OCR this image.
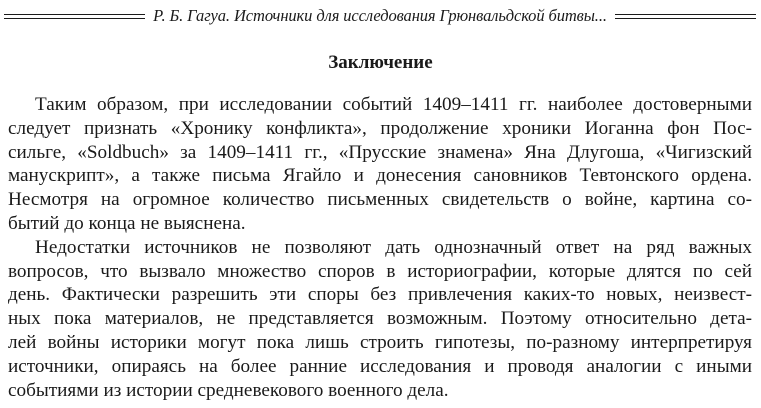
Р. Б. Гагуа. Источники для исследования Грюнвальдской битвы...
Заключение
Таким образом, при исследовании событий 1409–1411 гг. наиболее достоверными
следует признать «Хронику конфликта», продолжение хроники Иоганна фон Пос-
сильге, «Soldbuch» за 1409–1411 гг., «Прусские знамена» Яна Длугоша, «Чигизский
манускрипт», а также письма Ягайло и донесения сановников Тевтонского ордена.
Несмотря на огромное количество письменных свидетельств о войне, картина со-
бытий до конца не выяснена.
Недостатки источников не позволяют дать однозначный ответ на ряд важных
вопросов, что вызвало множество споров в историографии, которые длятся по сей
день. Фактически разрешить эти споры без привлечения каких-то новых, неизвест-
ных пока материалов, не представляется возможным. Поэтому относительно дета-
лей войны историки могут пока лишь строить гипотезы, по-разному интерпретируя
источники, опираясь на более ранние исследования и проводя аналогии с иными
событиями из истории средневекового военного дела.
